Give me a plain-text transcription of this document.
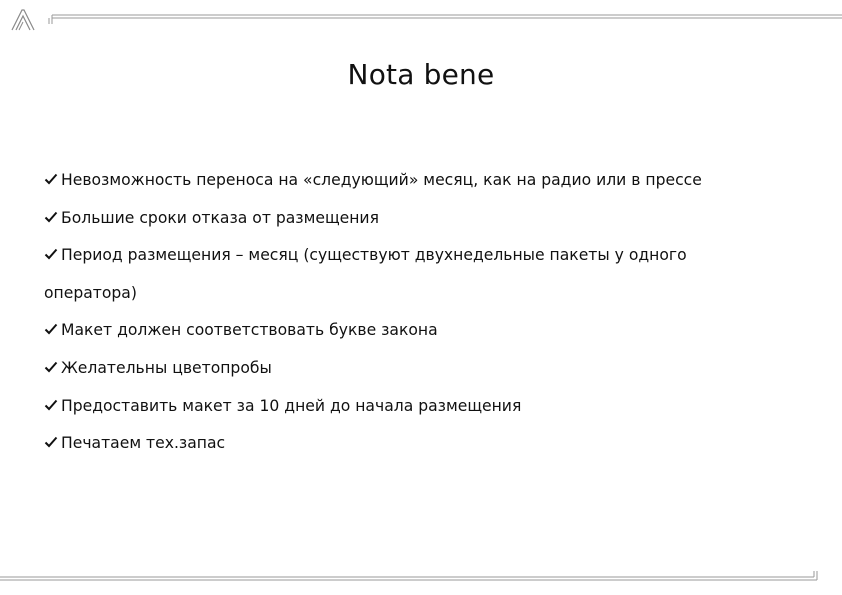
Nota bene
Невозможность переноса на «следующий» месяц, как на радио или в прессе
Большие сроки отказа от размещения
Период размещения – месяц (существуют двухнедельные пакеты у одного
оператора)
Макет должен соответствовать букве закона
Желательны цветопробы
Предоставить макет за 10 дней до начала размещения
Печатаем тех.запас
